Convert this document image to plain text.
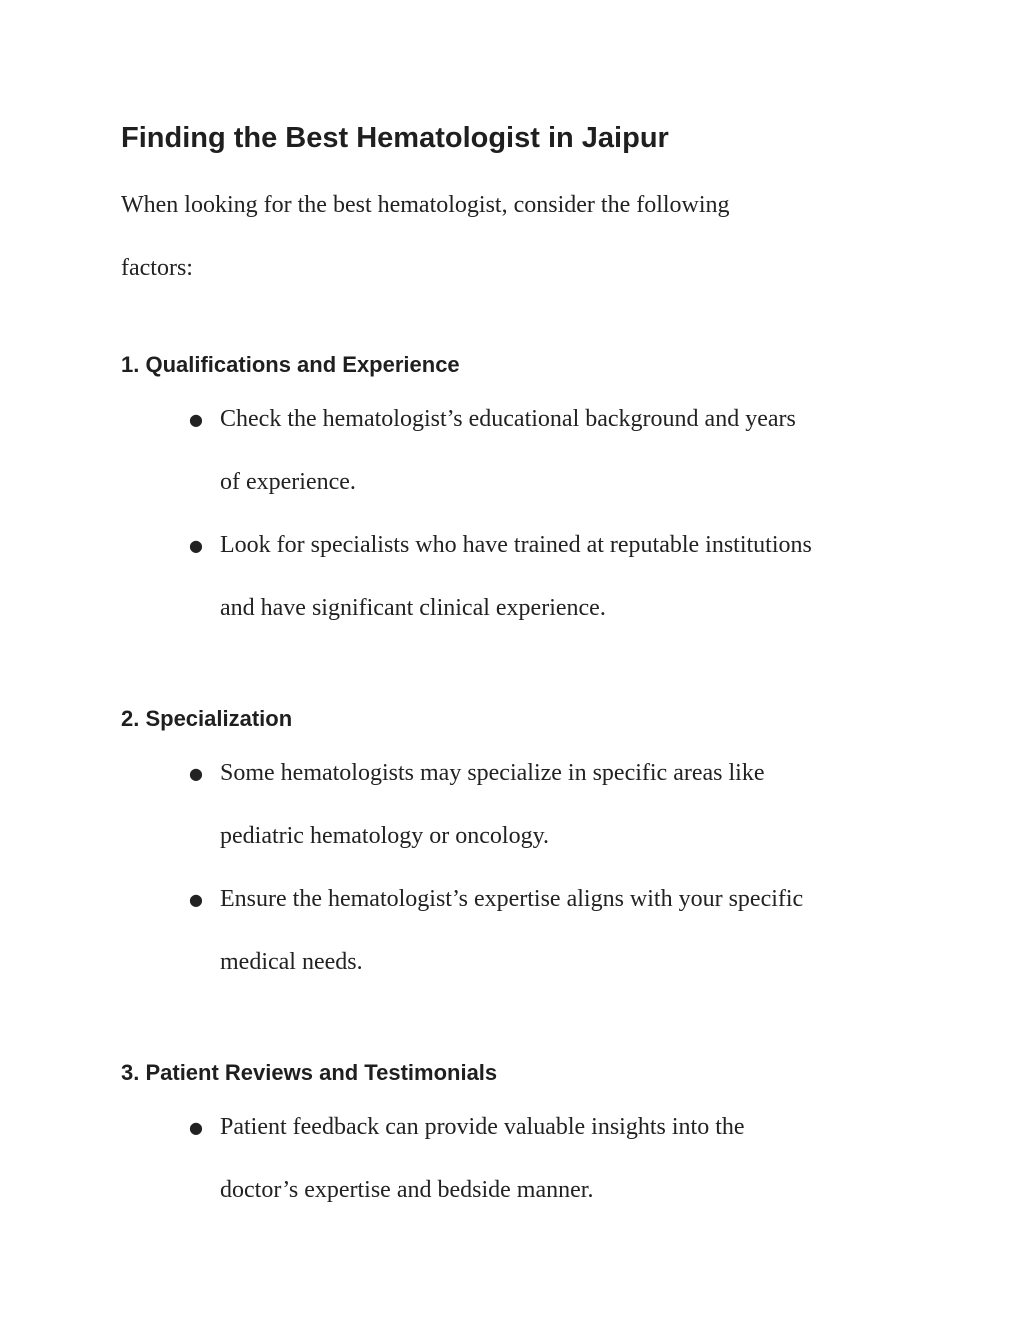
Finding the Best Hematologist in Jaipur

When looking for the best hematologist, consider the following
factors:

1. Qualifications and Experience
● Check the hematologist’s educational background and years
of experience.
● Look for specialists who have trained at reputable institutions
and have significant clinical experience.
2. Specialization
● Some hematologists may specialize in specific areas like
pediatric hematology or oncology.
● Ensure the hematologist’s expertise aligns with your specific
medical needs.
3. Patient Reviews and Testimonials
● Patient feedback can provide valuable insights into the
doctor’s expertise and bedside manner.
